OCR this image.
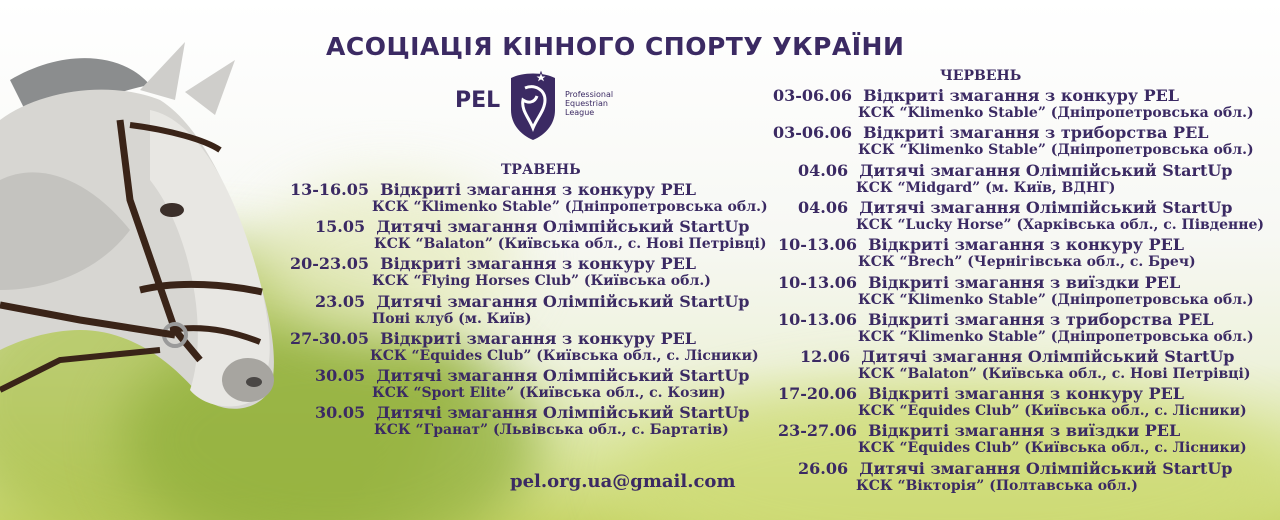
АСОЦІАЦІЯ КІННОГО СПОРТУ УКРАЇНИ
PEL	Professional
Equestrian
League
ТРАВЕНЬ
13-16.05 Відкриті змагання з конкуру PEL
КСК “Klimenko Stable” (Дніпропетровська обл.)
15.05 Дитячі змагання Олімпійський StartUp
КСК “Balaton” (Київська обл., с. Нові Петрівці)
20-23.05 Відкриті змагання з конкуру PEL
КСК “Flying Horses Club” (Київська обл.)
23.05 Дитячі змагання Олімпійський StartUp
Поні клуб (м. Київ)
27-30.05 Відкриті змагання з конкуру PEL
КСК “Equides Club” (Київська обл., с. Лісники)
30.05 Дитячі змагання Олімпійський StartUp
КСК “Sport Elite” (Київська обл., с. Козин)
30.05 Дитячі змагання Олімпійський StartUp
КСК “Гранат” (Львівська обл., с. Бартатів)
ЧЕРВЕНЬ
03-06.06 Відкриті змагання з конкуру PEL
КСК “Klimenko Stable” (Дніпропетровська обл.)
03-06.06 Відкриті змагання з триборства PEL
КСК “Klimenko Stable” (Дніпропетровська обл.)
04.06 Дитячі змагання Олімпійський StartUp
КСК “Midgard” (м. Київ, ВДНГ)
04.06 Дитячі змагання Олімпійський StartUp
КСК “Lucky Horse” (Харківська обл., с. Південне)
10-13.06 Відкриті змагання з конкуру PEL
КСК “Brech” (Чернігівська обл., с. Бреч)
10-13.06 Відкриті змагання з виїздки PEL
КСК “Klimenko Stable” (Дніпропетровська обл.)
10-13.06 Відкриті змагання з триборства PEL
КСК “Klimenko Stable” (Дніпропетровська обл.)
12.06 Дитячі змагання Олімпійський StartUp
КСК “Balaton” (Київська обл., с. Нові Петрівці)
17-20.06 Відкриті змагання з конкуру PEL
КСК “Equides Club” (Київська обл., с. Лісники)
23-27.06 Відкриті змагання з виїздки PEL
КСК “Equides Club” (Київська обл., с. Лісники)
26.06 Дитячі змагання Олімпійський StartUp
КСК “Вікторія” (Полтавська обл.)
pel.org.ua@gmail.com
